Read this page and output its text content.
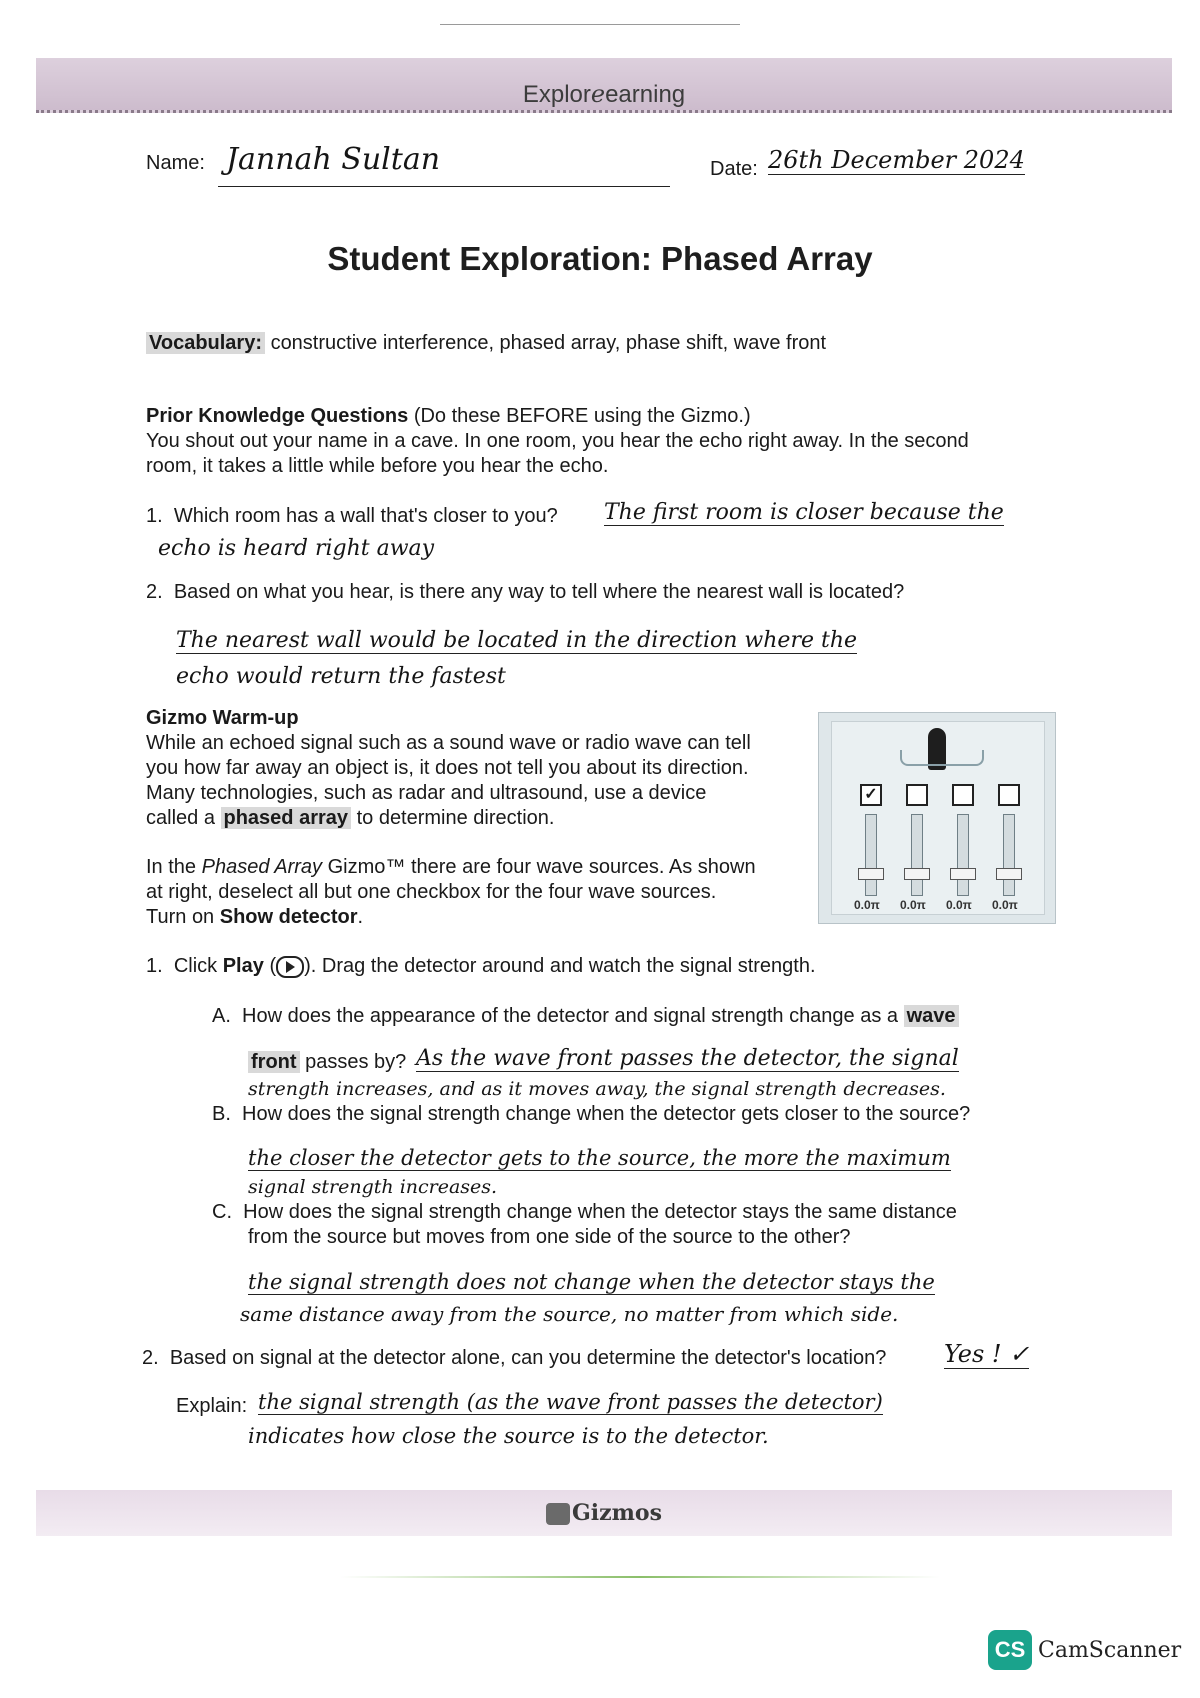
Exploreearning
Name: Jannah Sultan	Date: 26th December 2024
Student Exploration: Phased Array
Vocabulary: constructive interference, phased array, phase shift, wave front
Prior Knowledge Questions (Do these BEFORE using the Gizmo.)
You shout out your name in a cave. In one room, you hear the echo right away. In the second
room, it takes a little while before you hear the echo.
1. Which room has a wall that's closer to you? The first room is closer because the
echo is heard right away
2. Based on what you hear, is there any way to tell where the nearest wall is located?
The nearest wall would be located in the direction where the
echo would return the fastest
Gizmo Warm-up
While an echoed signal such as a sound wave or radio wave can tell
you how far away an object is, it does not tell you about its direction.
Many technologies, such as radar and ultrasound, use a device
called a phased array to determine direction.
In the Phased Array Gizmo™ there are four wave sources. As shown
at right, deselect all but one checkbox for the four wave sources.
Turn on Show detector.
✓
0.0π 0.0π 0.0π 0.0π
1. Click Play ( ). Drag the detector around and watch the signal strength.
A. How does the appearance of the detector and signal strength change as a wave
front passes by? As the wave front passes the detector, the signal
strength increases, and as it moves away, the signal strength decreases.
B. How does the signal strength change when the detector gets closer to the source?
the closer the detector gets to the source, the more the maximum
signal strength increases.
C. How does the signal strength change when the detector stays the same distance
from the source but moves from one side of the source to the other?
the signal strength does not change when the detector stays the
same distance away from the source, no matter from which side.
2. Based on signal at the detector alone, can you determine the detector's location? Yes ! ✓
Explain: the signal strength (as the wave front passes the detector)
indicates how close the source is to the detector.
Gizmos
CS CamScanner
